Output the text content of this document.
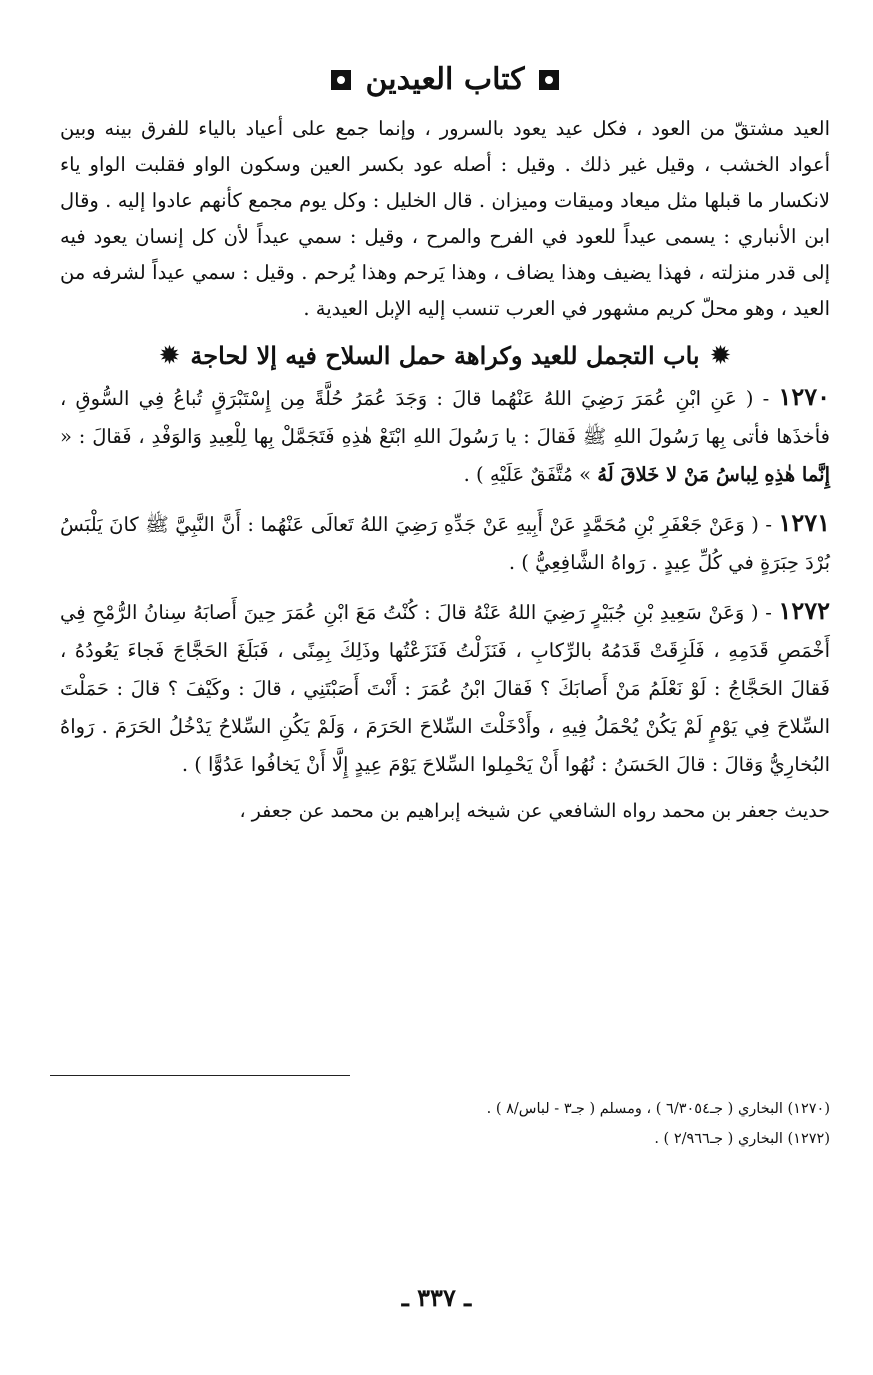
كتاب العيدين

العيد مشتقّ من العود ، فكل عيد يعود بالسرور ، وإنما جمع على أعياد بالياء للفرق بينه وبين أعواد الخشب ، وقيل غير ذلك . وقيل : أصله عود بكسر العين وسكون الواو فقلبت الواو ياء لانكسار ما قبلها مثل ميعاد وميقات وميزان . قال الخليل : وكل يوم مجمع كأنهم عادوا إليه . وقال ابن الأنباري : يسمى عيداً للعود في الفرح والمرح ، وقيل : سمي عيداً لأن كل إنسان يعود فيه إلى قدر منزلته ، فهذا يضيف وهذا يضاف ، وهذا يَرحم وهذا يُرحم . وقيل : سمي عيداً لشرفه من العيد ، وهو محلّ كريم مشهور في العرب تنسب إليه الإبل العيدية .

✹
باب التجمل للعيد وكراهة حمل السلاح فيه إلا لحاجة
✹

١٢٧٠ - ( عَنِ ابْنِ عُمَرَ رَضِيَ اللهُ عَنْهُما قالَ : وَجَدَ عُمَرُ حُلَّةً مِن إِسْتَبْرَقٍ تُباعُ فِي السُّوقِ ، فأخذَها فأتى بِها رَسُولَ اللهِ ﷺ فَقالَ : يا رَسُولَ اللهِ ابْتَعْ هٰذِهِ فَتَجَمَّلْ بِها لِلْعِيدِ وَالوَفْدِ ، فَقالَ : « إِنَّما هٰذِهِ لِباسُ مَنْ لا خَلاقَ لَهُ » مُتَّفَقٌ عَلَيْهِ ) .

١٢٧١ - ( وَعَنْ جَعْفَرِ بْنِ مُحَمَّدٍ عَنْ أَبِيهِ عَنْ جَدِّهِ رَضِيَ اللهُ تَعالَى عَنْهُما : أَنَّ النَّبِيَّ ﷺ كانَ يَلْبَسُ بُرْدَ حِبَرَةٍ في كُلِّ عِيدٍ . رَواهُ الشَّافِعِيُّ ) .

١٢٧٢ - ( وَعَنْ سَعِيدِ بْنِ جُبَيْرٍ رَضِيَ اللهُ عَنْهُ قالَ : كُنْتُ مَعَ ابْنِ عُمَرَ حِينَ أَصابَهُ سِنانُ الرُّمْحِ فِي أَخْمَصِ قَدَمِهِ ، فَلَزِقَتْ قَدَمُهُ بالرِّكابِ ، فَنَزَلْتُ فَنَزَعْتُها وذَلِكَ بِمِنًى ، فَبَلَغَ الحَجَّاجَ فَجاءَ يَعُودُهُ ، فَقالَ الحَجَّاجُ : لَوْ نَعْلَمُ مَنْ أَصابَكَ ؟ فَقالَ ابْنُ عُمَرَ : أَنْتَ أَصَبْتَنِي ، قالَ : وكَيْفَ ؟ قالَ : حَمَلْتَ السِّلاحَ فِي يَوْمٍ لَمْ يَكُنْ يُحْمَلُ فِيهِ ، وأَدْخَلْتَ السِّلاحَ الحَرَمَ ، وَلَمْ يَكُنِ السِّلاحُ يَدْخُلُ الحَرَمَ . رَواهُ البُخارِيُّ وَقالَ : قالَ الحَسَنُ : نُهُوا أَنْ يَحْمِلوا السِّلاحَ يَوْمَ عِيدٍ إِلَّا أَنْ يَخافُوا عَدُوًّا ) .

حديث جعفر بن محمد رواه الشافعي عن شيخه إبراهيم بن محمد عن جعفر ،

(١٢٧٠) البخاري ( جـ٦/٣٠٥٤ ) ، ومسلم ( جـ٣ - لباس/٨ ) .

(١٢٧٢) البخاري ( جـ٢/٩٦٦ ) .

ـ ٣٣٧ ـ
